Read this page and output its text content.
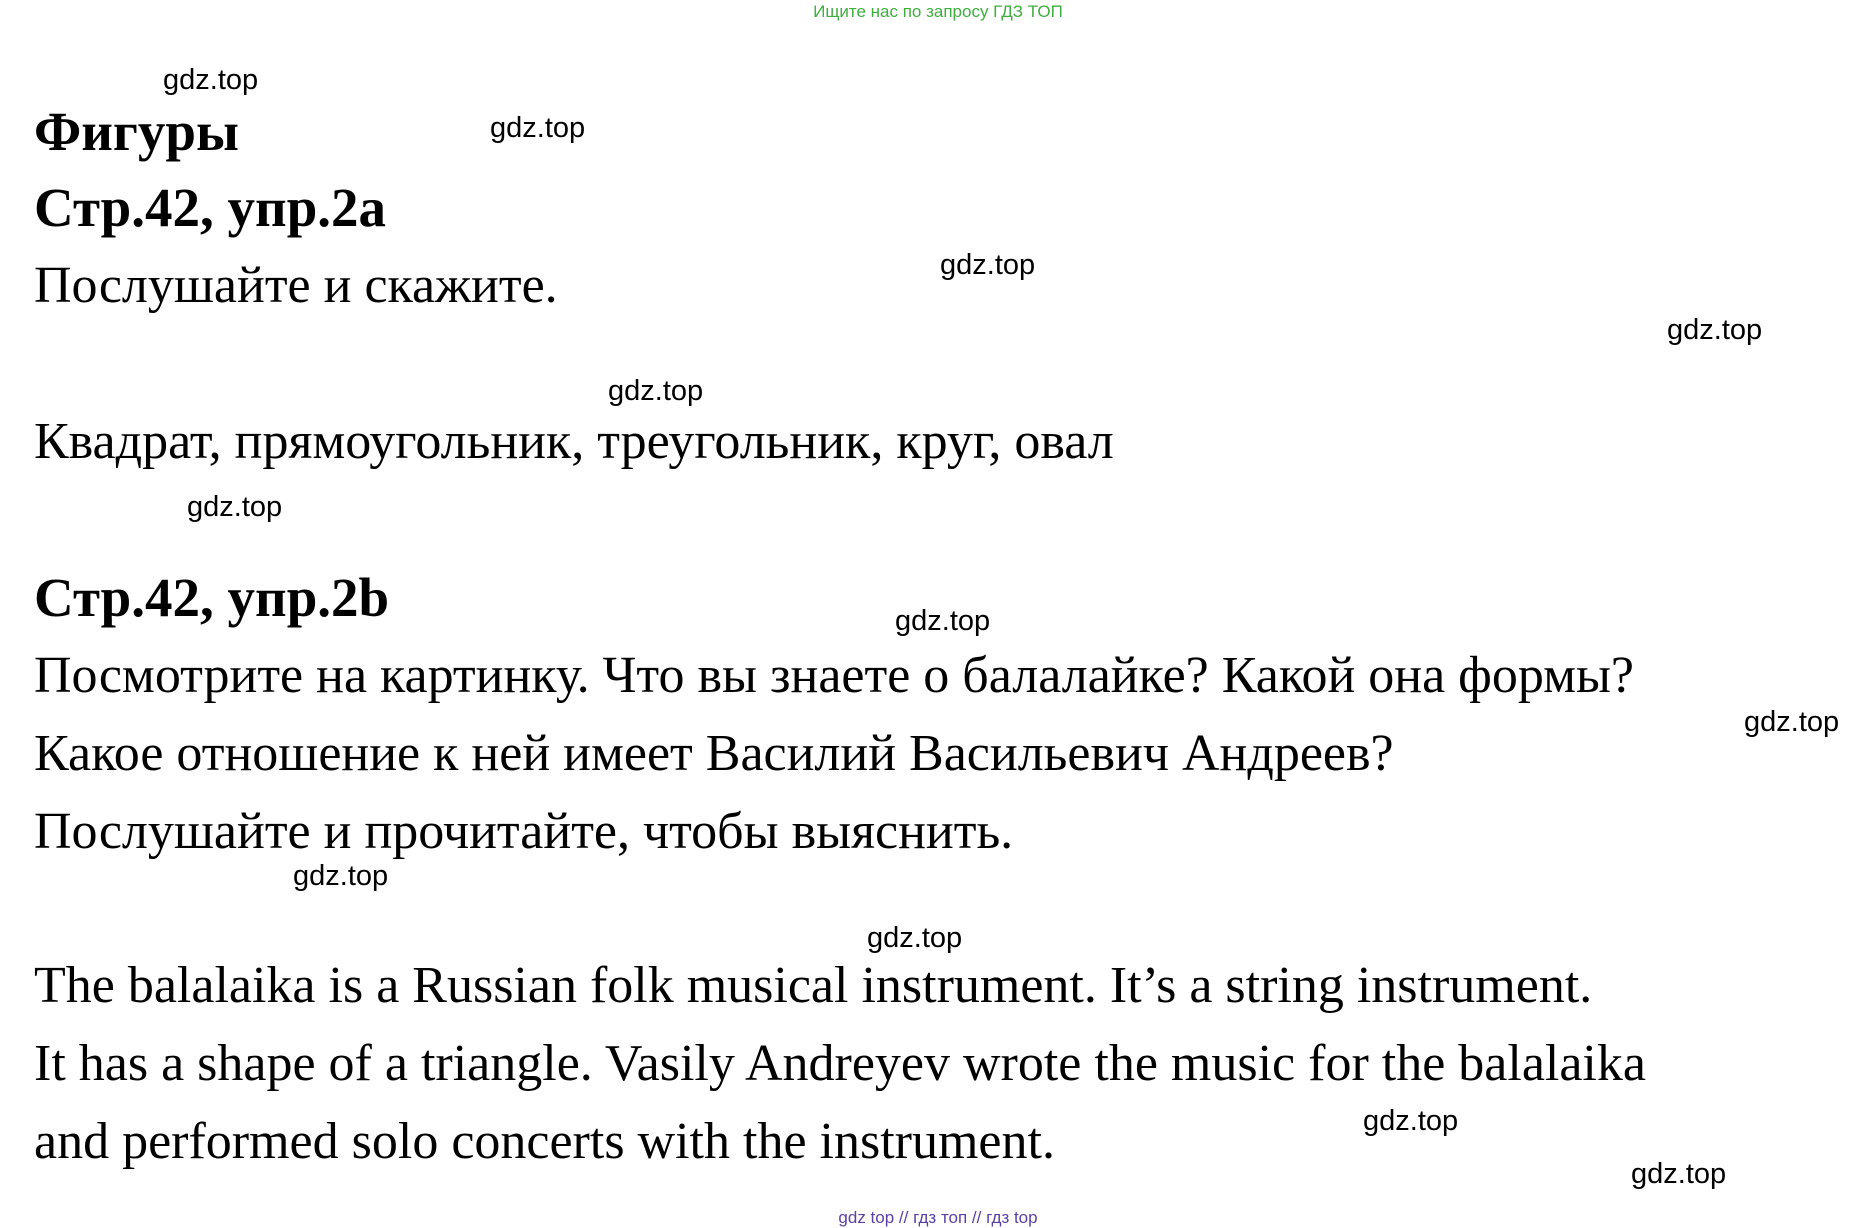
Ищите нас по запросу ГДЗ ТОП
Фигуры
Стр.42, упр.2a
Послушайте и скажите.
Квадрат, прямоугольник, треугольник, круг, овал
Стр.42, упр.2b
Посмотрите на картинку. Что вы знаете о балалайке? Какой она формы?
Какое отношение к ней имеет Василий Васильевич Андреев?
Послушайте и прочитайте, чтобы выяснить.
The balalaika is a Russian folk musical instrument. It’s a string instrument.
It has a shape of a triangle. Vasily Andreyev wrote the music for the balalaika
and performed solo concerts with the instrument.
gdz.top
gdz.top
gdz.top
gdz.top
gdz.top
gdz.top
gdz.top
gdz.top
gdz.top
gdz.top
gdz.top
gdz.top
gdz top // гдз топ // гдз top
